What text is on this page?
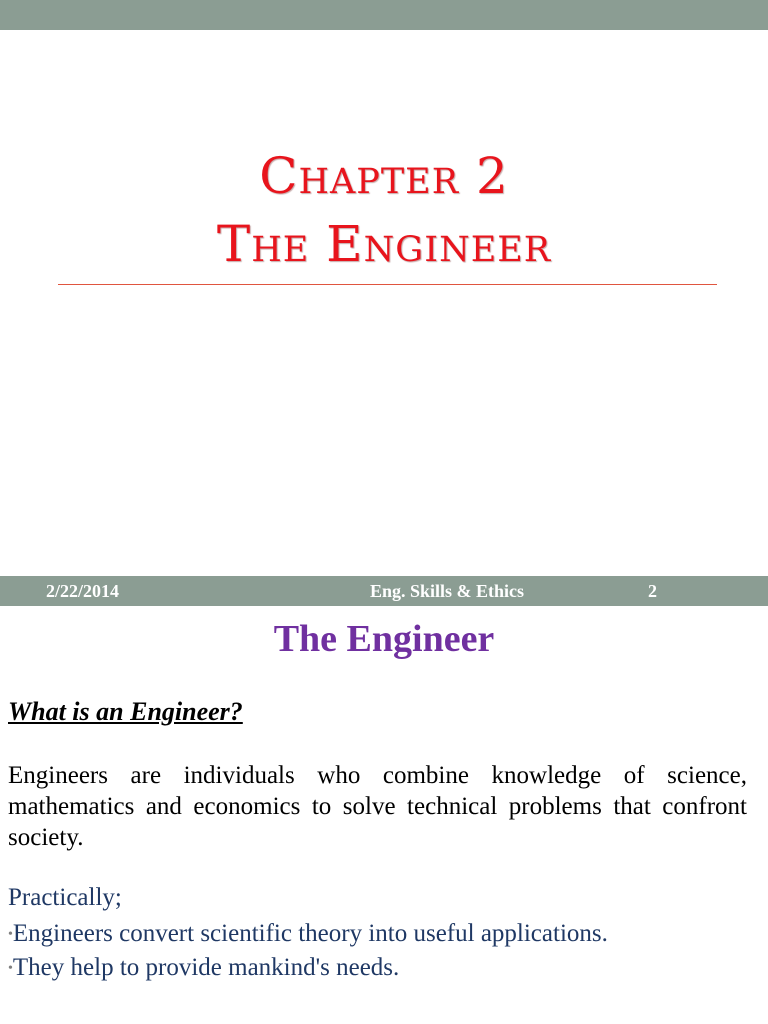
Chapter 2
The Engineer
2/22/2014	Eng. Skills & Ethics	2
The Engineer
What is an Engineer?
Engineers are individuals who combine knowledge of science, mathematics and economics to solve technical problems that confront society.
Practically;
•Engineers convert scientific theory into useful applications.
•They help to provide mankind's needs.
